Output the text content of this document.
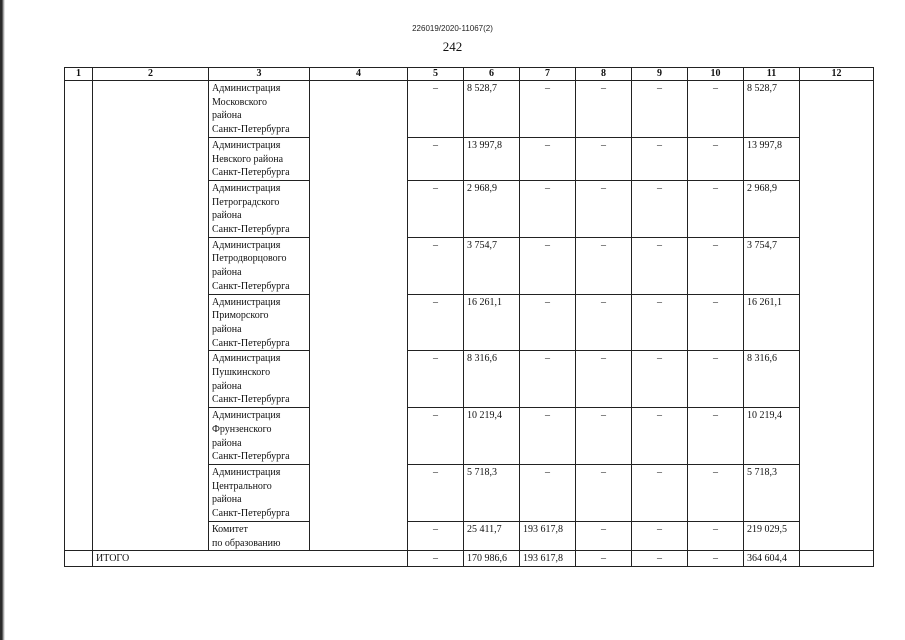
226019/2020-11067(2)
242
1	2	3	4	5	6	7	8	9	10	11	12

		Администрация
Московского
района
Санкт-Петербурга		–	8 528,7	–	–	–	–	8 528,7	

		Администрация
Невского района
Санкт-Петербурга		–	13 997,8	–	–	–	–	13 997,8	

		Администрация
Петроградского
района
Санкт-Петербурга		–	2 968,9	–	–	–	–	2 968,9	

		Администрация
Петродворцового
района
Санкт-Петербурга		–	3 754,7	–	–	–	–	3 754,7	

		Администрация
Приморского
района
Санкт-Петербурга		–	16 261,1	–	–	–	–	16 261,1	

		Администрация
Пушкинского
района
Санкт-Петербурга		–	8 316,6	–	–	–	–	8 316,6	

		Администрация
Фрунзенского
района
Санкт-Петербурга		–	10 219,4	–	–	–	–	10 219,4	

		Администрация
Центрального
района
Санкт-Петербурга		–	5 718,3	–	–	–	–	5 718,3	

		Комитет
по образованию		–	25 411,7	193 617,8	–	–	–	219 029,5	
	ИТОГО			–	170 986,6	193 617,8	–	–	–	364 604,4	
